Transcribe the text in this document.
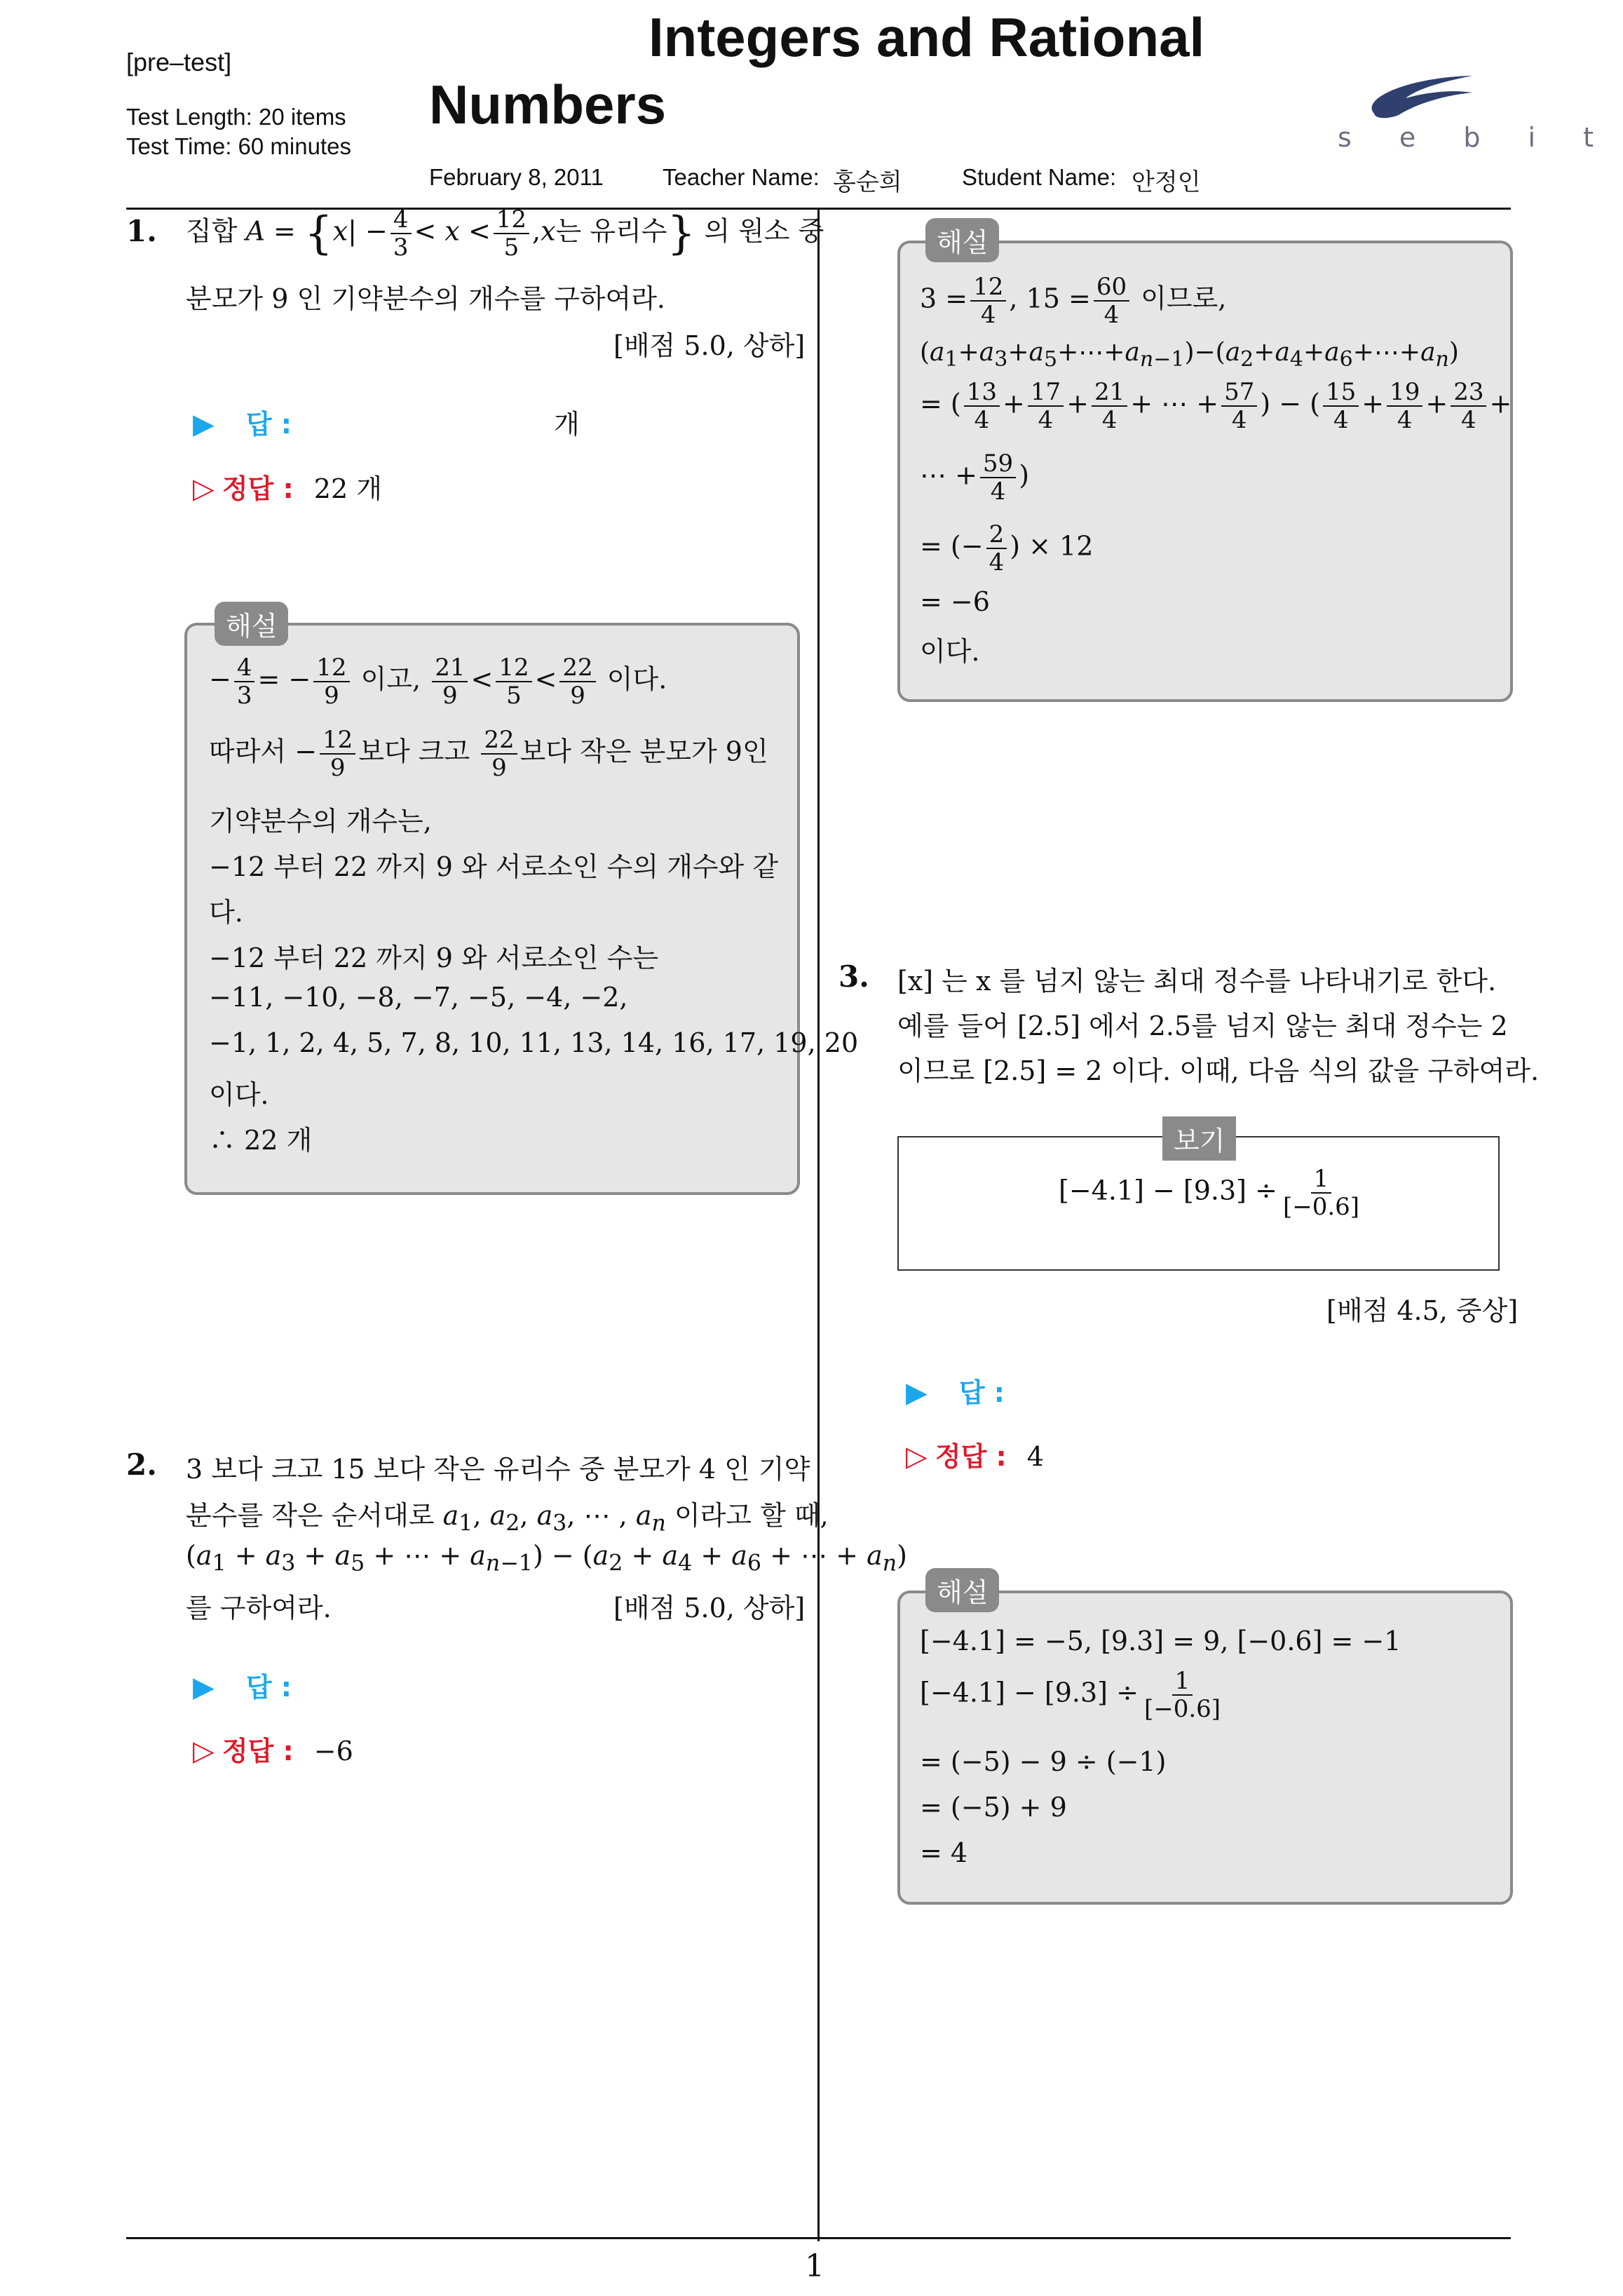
[pre–test]	Integers and Rational
Numbers
Test Length: 20 items
Test Time: 60 minutes
February 8, 2011	Teacher Name: 홍순희	Student Name: 안정인
s e b i t
1. 집합 $A = \{x| - \frac{4}{3} < x < \frac{12}{5} ,x$는 유리수} 의 원소 중
분모가 9 인 기약분수의 개수를 구하여라.
[배점 5.0, 상하]
▶ 답 :	개
▷ 정답 : 22 개
해설
− $\frac{4}{3}$ = − $\frac{12}{9}$ 이고, $\frac{21}{9} < \frac{12}{5} < \frac{22}{9}$ 이다.
따라서 − $\frac{12}{9}$ 보다 크고 $\frac{22}{9}$ 보다 작은 분모가 9인
기약분수의 개수는,
−12 부터 22 까지 9 와 서로소인 수의 개수와 같
다.
−12 부터 22 까지 9 와 서로소인 수는
−11, −10, −8, −7, −5, −4, −2,
−1, 1, 2, 4, 5, 7, 8, 10, 11, 13, 14, 16, 17, 19, 20
이다.
∴ 22 개
2. 3 보다 크고 15 보다 작은 유리수 중 분모가 4 인 기약
분수를 작은 순서대로 $a_1$, $a_2$, $a_3$, ⋯ , $a_n$ 이라고 할 때,
($a_1 + a_3 + a_5$ + ⋯ + $a_{n-1}) - (a_2 + a_4 + a_6$ + ⋯ + $a_n$)
를 구하여라.	[배점 5.0, 상하]
▶ 답 :
▷ 정답 : −6
해설
$3 = \frac{12}{4}$ , $15 = \frac{60}{4}$ 이므로,
$(a_1+a_3+a_5+\cdots+a_{n-1})-(a_2+a_4+a_6+\cdots+a_n)$
= ( $\frac{13}{4} + \frac{17}{4} + \frac{21}{4}$ + ⋯ + $\frac{57}{4}$ ) − ( $\frac{15}{4} + \frac{19}{4} + \frac{23}{4}$ +
⋯ + $\frac{59}{4}$ )
= (− $\frac{2}{4}$ ) × 12
= −6
이다.
3. [x] 는 x 를 넘지 않는 최대 정수를 나타내기로 한다.
예를 들어 [2.5] 에서 2.5를 넘지 않는 최대 정수는 2
이므로 [2.5] = 2 이다. 이때, 다음 식의 값을 구하여라.
보기
$[-4.1] - [9.3] \div \frac{1}{[-0.6]}$
[배점 4.5, 중상]
▶ 답 :
▷ 정답 : 4
해설
[−4.1] = −5, [9.3] = 9, [−0.6] = −1
$[-4.1] - [9.3] \div \frac{1}{[-0.6]}$
= (−5) − 9 ÷ (−1)
= (−5) + 9
= 4
1
